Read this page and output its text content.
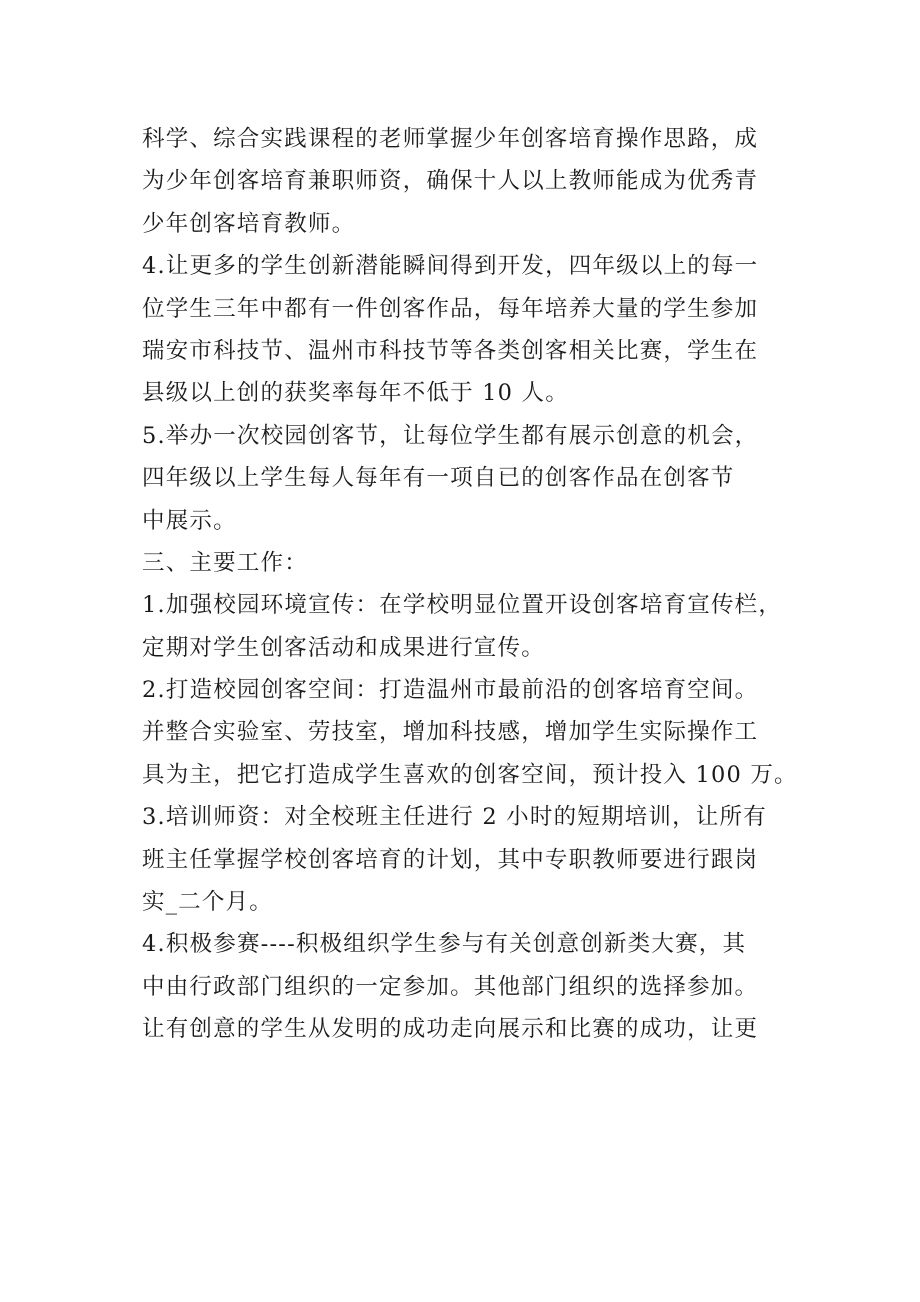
科学、综合实践课程的老师掌握少年创客培育操作思路，成
为少年创客培育兼职师资，确保十人以上教师能成为优秀青
少年创客培育教师。
4.让更多的学生创新潜能瞬间得到开发，四年级以上的每一
位学生三年中都有一件创客作品，每年培养大量的学生参加
瑞安市科技节、温州市科技节等各类创客相关比赛，学生在
县级以上创的获奖率每年不低于 10 人。
5.举办一次校园创客节，让每位学生都有展示创意的机会，
四年级以上学生每人每年有一项自已的创客作品在创客节
中展示。
三、主要工作：
1.加强校园环境宣传：在学校明显位置开设创客培育宣传栏，
定期对学生创客活动和成果进行宣传。
2.打造校园创客空间：打造温州市最前沿的创客培育空间。
并整合实验室、劳技室，增加科技感，增加学生实际操作工
具为主，把它打造成学生喜欢的创客空间，预计投入 100 万。
3.培训师资：对全校班主任进行 2 小时的短期培训，让所有
班主任掌握学校创客培育的计划，其中专职教师要进行跟岗
实_二个月。
4.积极参赛----积极组织学生参与有关创意创新类大赛，其
中由行政部门组织的一定参加。其他部门组织的选择参加。
让有创意的学生从发明的成功走向展示和比赛的成功，让更
